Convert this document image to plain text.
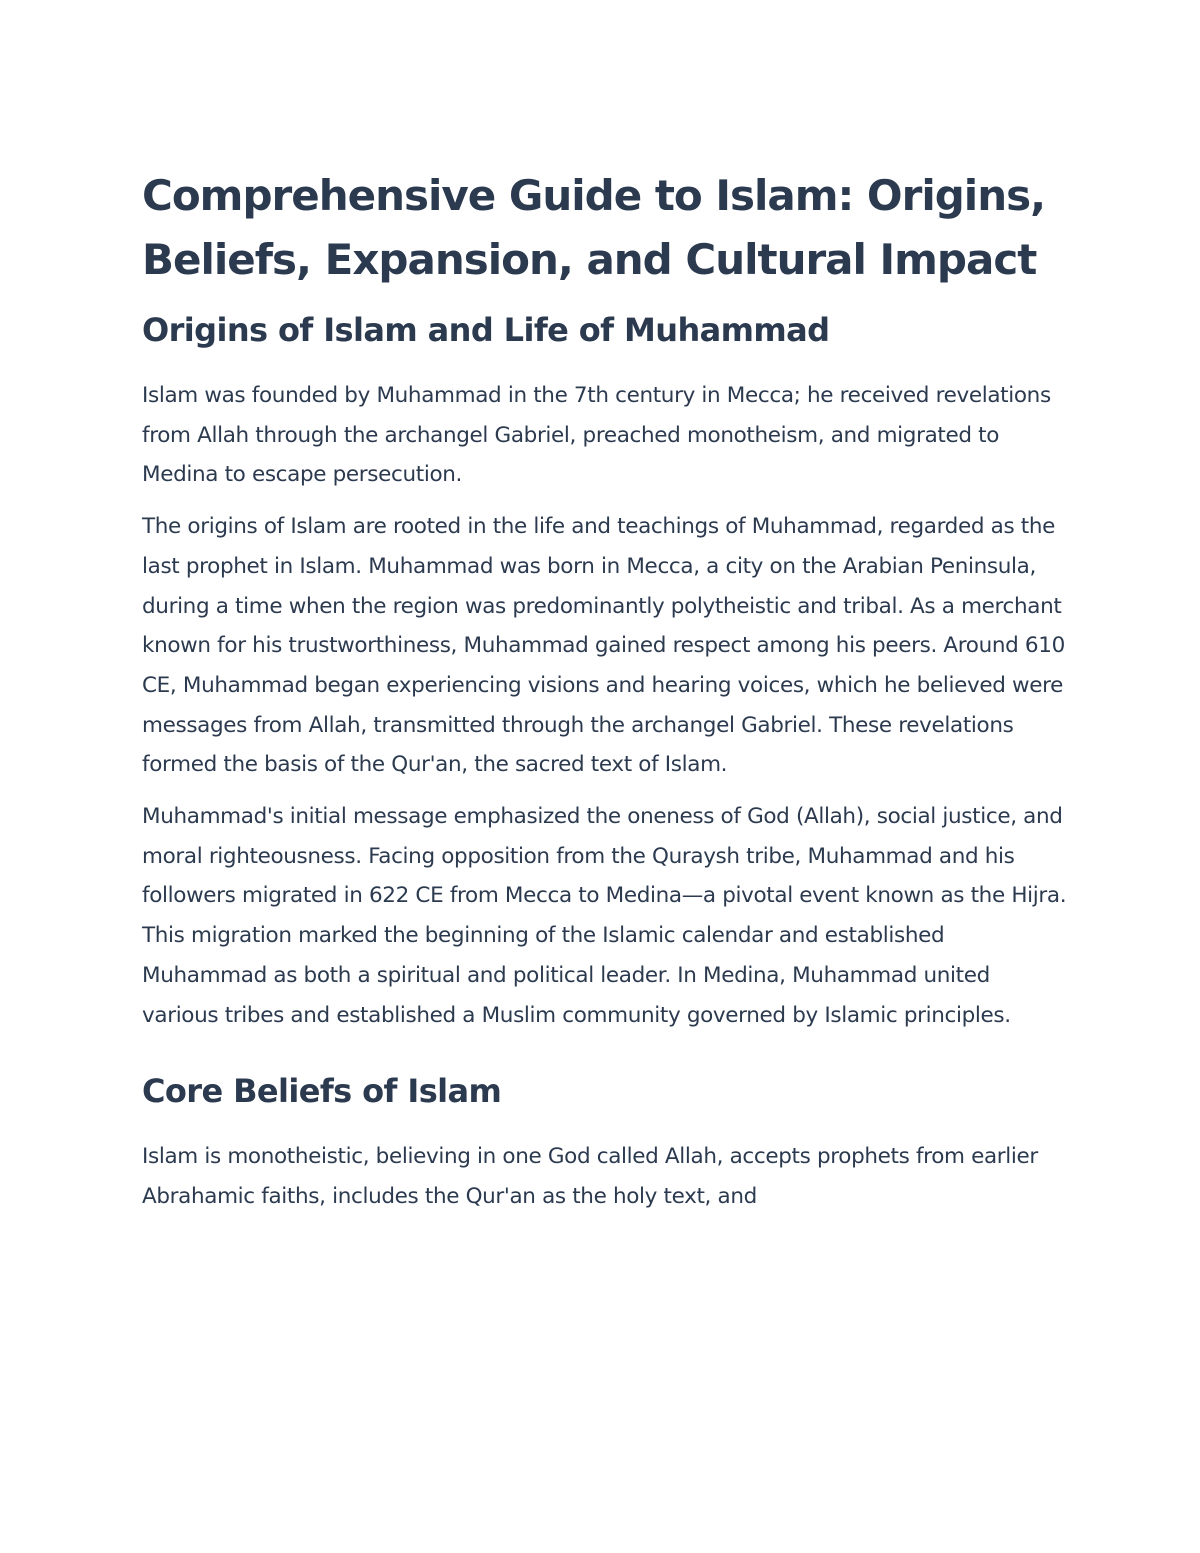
Comprehensive Guide to Islam: Origins, Beliefs, Expansion, and Cultural Impact
Origins of Islam and Life of Muhammad

Islam was founded by Muhammad in the 7th century in Mecca; he received revelations from Allah through the archangel Gabriel, preached monotheism, and migrated to Medina to escape persecution.

The origins of Islam are rooted in the life and teachings of Muhammad, regarded as the last prophet in Islam. Muhammad was born in Mecca, a city on the Arabian Peninsula, during a time when the region was predominantly polytheistic and tribal. As a merchant known for his trustworthiness, Muhammad gained respect among his peers. Around 610 CE, Muhammad began experiencing visions and hearing voices, which he believed were messages from Allah, transmitted through the archangel Gabriel. These revelations formed the basis of the Qur'an, the sacred text of Islam.

Muhammad's initial message emphasized the oneness of God (Allah), social justice, and moral righteousness. Facing opposition from the Quraysh tribe, Muhammad and his followers migrated in 622 CE from Mecca to Medina—a pivotal event known as the Hijra. This migration marked the beginning of the Islamic calendar and established Muhammad as both a spiritual and political leader. In Medina, Muhammad united various tribes and established a Muslim community governed by Islamic principles.

Core Beliefs of Islam

Islam is monotheistic, believing in one God called Allah, accepts prophets from earlier Abrahamic faiths, includes the Qur'an as the holy text, and
